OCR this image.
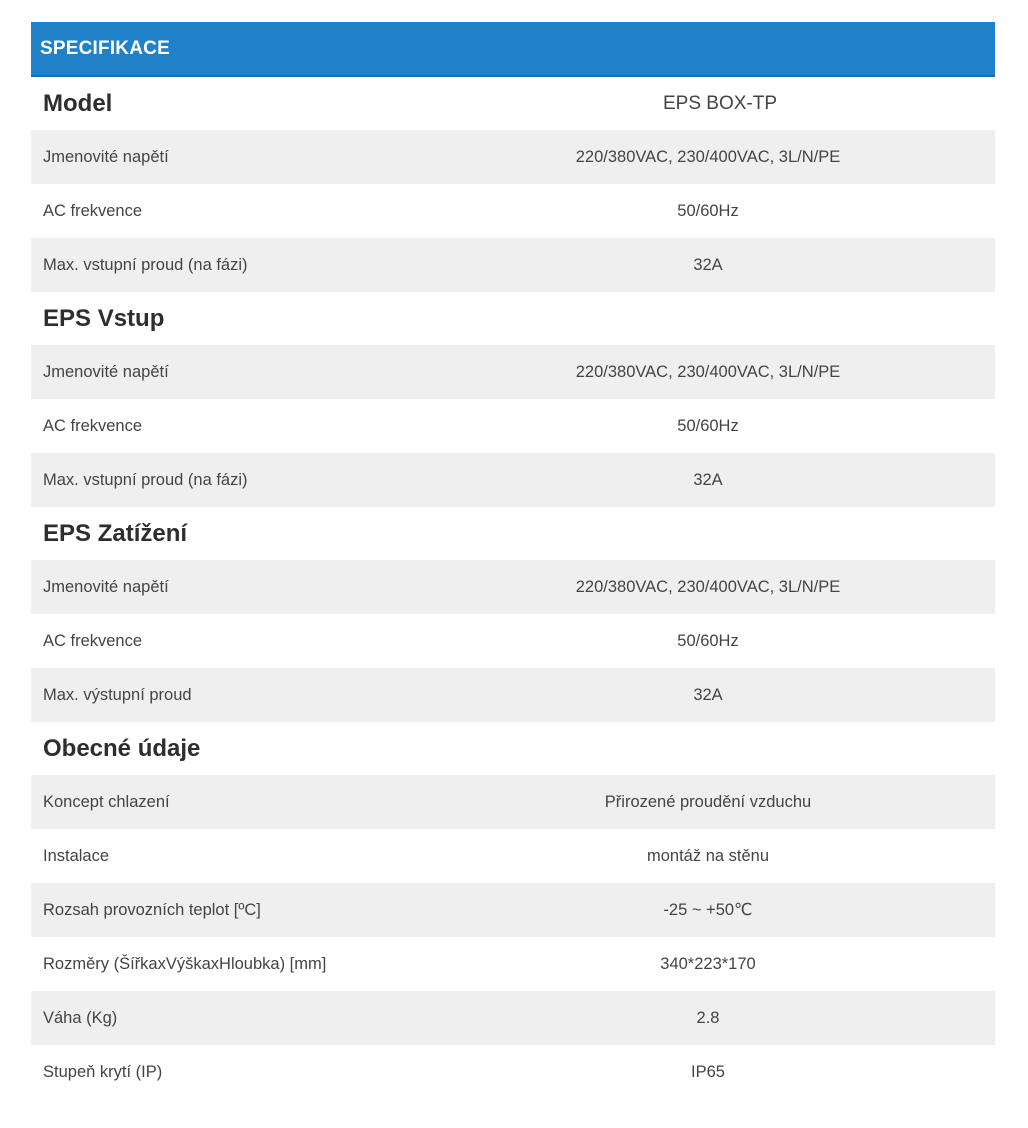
SPECIFIKACE
Model	EPS BOX-TP
Jmenovité napětí	220/380VAC, 230/400VAC, 3L/N/PE
AC frekvence	50/60Hz
Max. vstupní proud (na fázi)	32A
EPS Vstup
Jmenovité napětí	220/380VAC, 230/400VAC, 3L/N/PE
AC frekvence	50/60Hz
Max. vstupní proud (na fázi)	32A
EPS Zatížení
Jmenovité napětí	220/380VAC, 230/400VAC, 3L/N/PE
AC frekvence	50/60Hz
Max. výstupní proud	32A
Obecné údaje
Koncept chlazení	Přirozené proudění vzduchu
Instalace	montáž na stěnu
Rozsah provozních teplot [ºC]	-25 ~ +50℃
Rozměry (ŠířkaxVýškaxHloubka) [mm]	340*223*170
Váha (Kg)	2.8
Stupeň krytí (IP)	IP65
